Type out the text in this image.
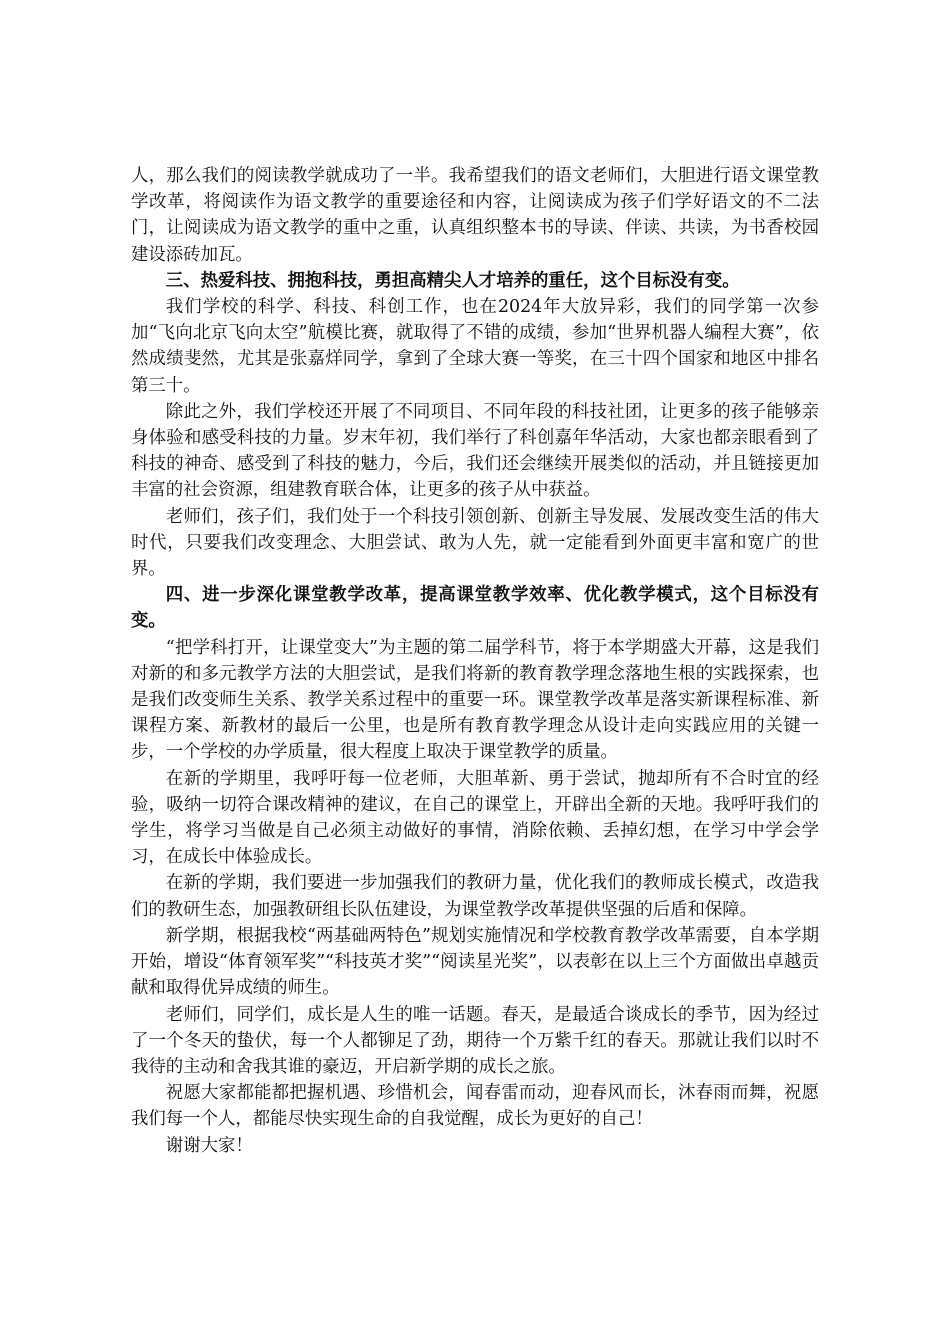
人，那么我们的阅读教学就成功了一半。我希望我们的语文老师们，大胆进行语文课堂教学改革，将阅读作为语文教学的重要途径和内容，让阅读成为孩子们学好语文的不二法门，让阅读成为语文教学的重中之重，认真组织整本书的导读、伴读、共读，为书香校园建设添砖加瓦。

三、热爱科技、拥抱科技，勇担高精尖人才培养的重任，这个目标没有变。

我们学校的科学、科技、科创工作，也在2024年大放异彩，我们的同学第一次参加“飞向北京飞向太空”航模比赛，就取得了不错的成绩，参加“世界机器人编程大赛”，依然成绩斐然，尤其是张嘉烊同学，拿到了全球大赛一等奖，在三十四个国家和地区中排名第三十。

除此之外，我们学校还开展了不同项目、不同年段的科技社团，让更多的孩子能够亲身体验和感受科技的力量。岁末年初，我们举行了科创嘉年华活动，大家也都亲眼看到了科技的神奇、感受到了科技的魅力，今后，我们还会继续开展类似的活动，并且链接更加丰富的社会资源，组建教育联合体，让更多的孩子从中获益。

老师们，孩子们，我们处于一个科技引领创新、创新主导发展、发展改变生活的伟大时代，只要我们改变理念、大胆尝试、敢为人先，就一定能看到外面更丰富和宽广的世界。

四、进一步深化课堂教学改革，提高课堂教学效率、优化教学模式，这个目标没有变。

“把学科打开，让课堂变大”为主题的第二届学科节，将于本学期盛大开幕，这是我们对新的和多元教学方法的大胆尝试，是我们将新的教育教学理念落地生根的实践探索，也是我们改变师生关系、教学关系过程中的重要一环。课堂教学改革是落实新课程标准、新课程方案、新教材的最后一公里，也是所有教育教学理念从设计走向实践应用的关键一步，一个学校的办学质量，很大程度上取决于课堂教学的质量。

在新的学期里，我呼吁每一位老师，大胆革新、勇于尝试，抛却所有不合时宜的经验，吸纳一切符合课改精神的建议，在自己的课堂上，开辟出全新的天地。我呼吁我们的学生，将学习当做是自己必须主动做好的事情，消除依赖、丢掉幻想，在学习中学会学习，在成长中体验成长。

在新的学期，我们要进一步加强我们的教研力量，优化我们的教师成长模式，改造我们的教研生态，加强教研组长队伍建设，为课堂教学改革提供坚强的后盾和保障。

新学期，根据我校“两基础两特色”规划实施情况和学校教育教学改革需要，自本学期开始，增设“体育领军奖”“科技英才奖”“阅读星光奖”，以表彰在以上三个方面做出卓越贡献和取得优异成绩的师生。

老师们，同学们，成长是人生的唯一话题。春天，是最适合谈成长的季节，因为经过了一个冬天的蛰伏，每一个人都铆足了劲，期待一个万紫千红的春天。那就让我们以时不我待的主动和舍我其谁的豪迈，开启新学期的成长之旅。

祝愿大家都能都把握机遇、珍惜机会，闻春雷而动，迎春风而长，沐春雨而舞，祝愿我们每一个人，都能尽快实现生命的自我觉醒，成长为更好的自己！

谢谢大家！
